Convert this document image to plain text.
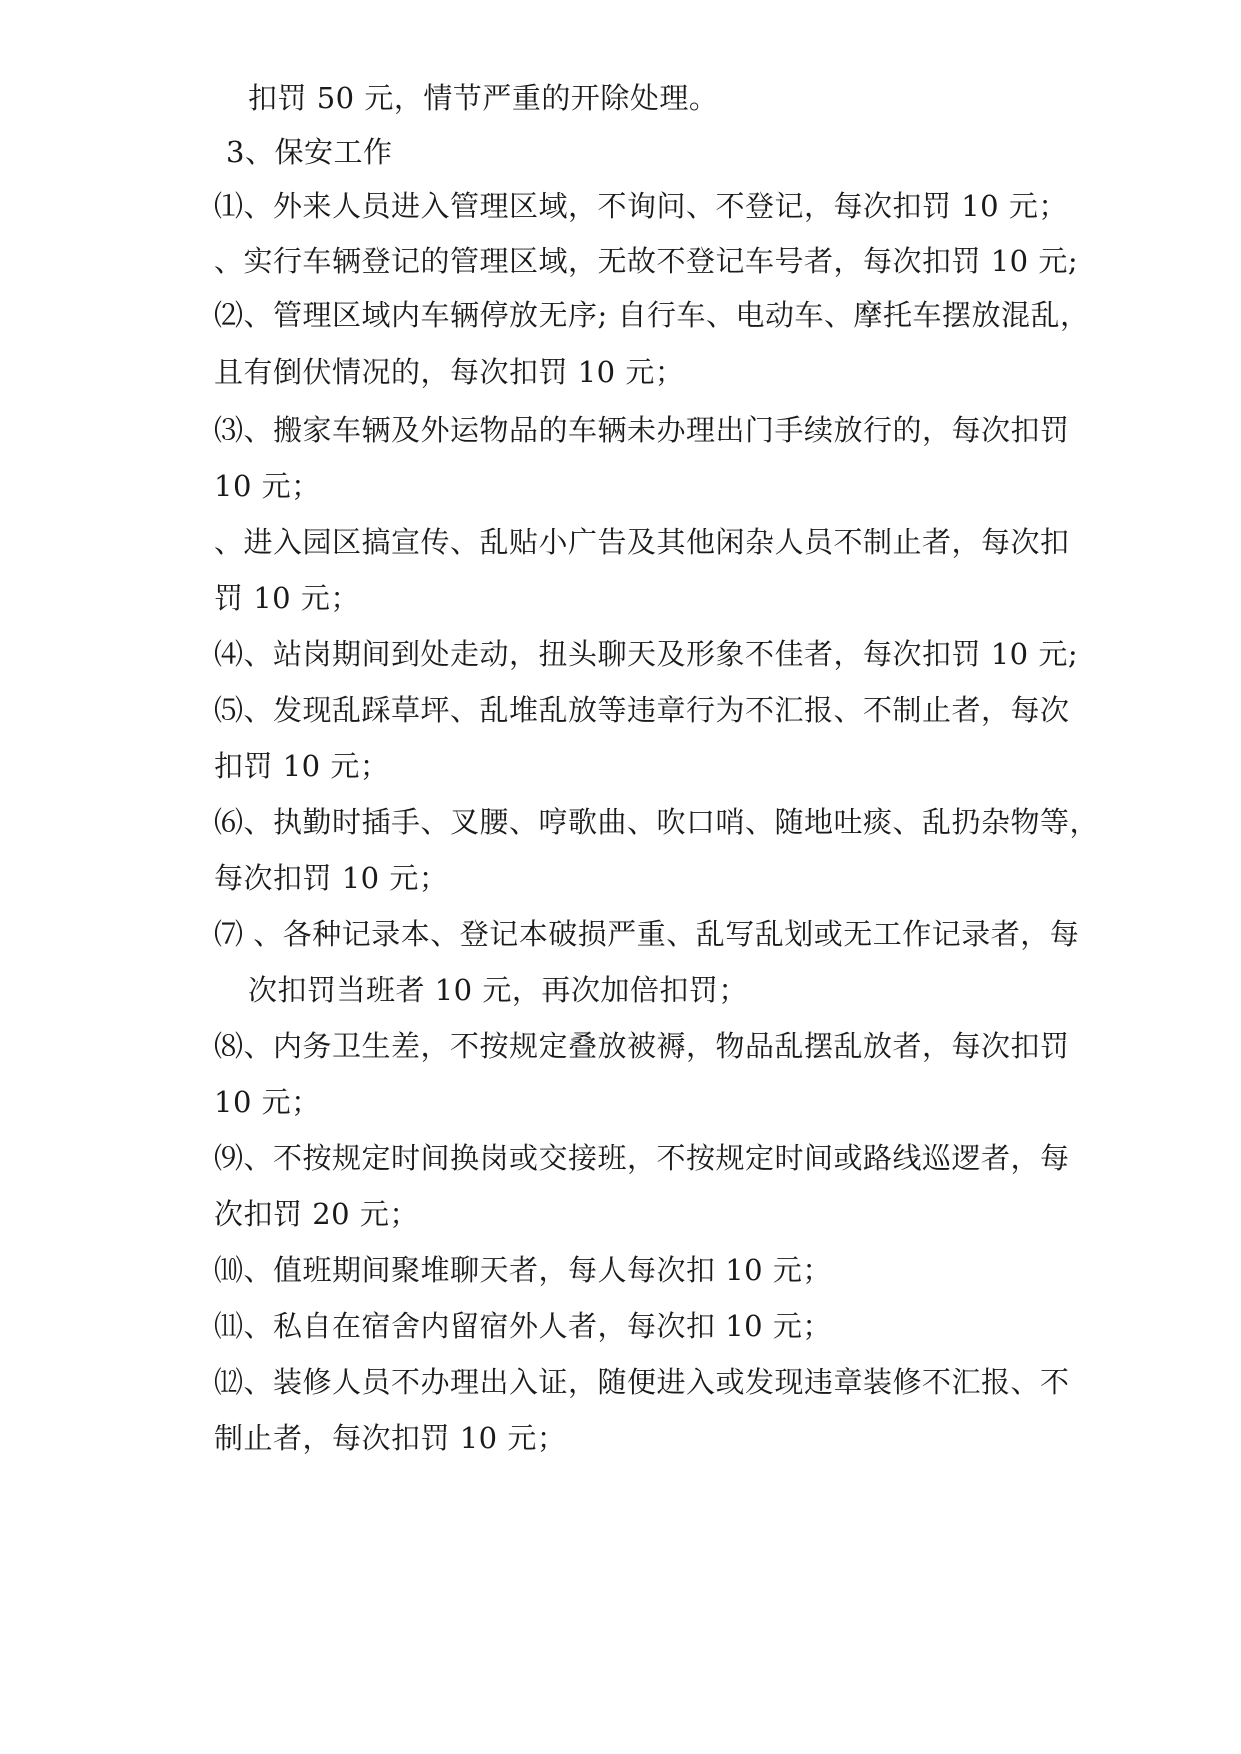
扣罚 50 元，情节严重的开除处理。
3、保安工作
⑴、外来人员进入管理区域，不询问、不登记，每次扣罚 10 元；
、实行车辆登记的管理区域，无故不登记车号者，每次扣罚 10 元;
⑵、管理区域内车辆停放无序; 自行车、电动车、摩托车摆放混乱，
且有倒伏情况的，每次扣罚 10 元；
⑶、搬家车辆及外运物品的车辆未办理出门手续放行的，每次扣罚
10 元；
、进入园区搞宣传、乱贴小广告及其他闲杂人员不制止者，每次扣
罚 10 元；
⑷、站岗期间到处走动，扭头聊天及形象不佳者，每次扣罚 10 元;
⑸、发现乱踩草坪、乱堆乱放等违章行为不汇报、不制止者，每次
扣罚 10 元；
⑹、执勤时插手、叉腰、哼歌曲、吹口哨、随地吐痰、乱扔杂物等，
每次扣罚 10 元；
⑺ 、各种记录本、登记本破损严重、乱写乱划或无工作记录者，每
次扣罚当班者 10 元，再次加倍扣罚；
⑻、内务卫生差，不按规定叠放被褥，物品乱摆乱放者，每次扣罚
10 元；
⑼、不按规定时间换岗或交接班，不按规定时间或路线巡逻者，每
次扣罚 20 元；
⑽、值班期间聚堆聊天者，每人每次扣 10 元；
⑾、私自在宿舍内留宿外人者，每次扣 10 元；
⑿、装修人员不办理出入证，随便进入或发现违章装修不汇报、不
制止者，每次扣罚 10 元；
